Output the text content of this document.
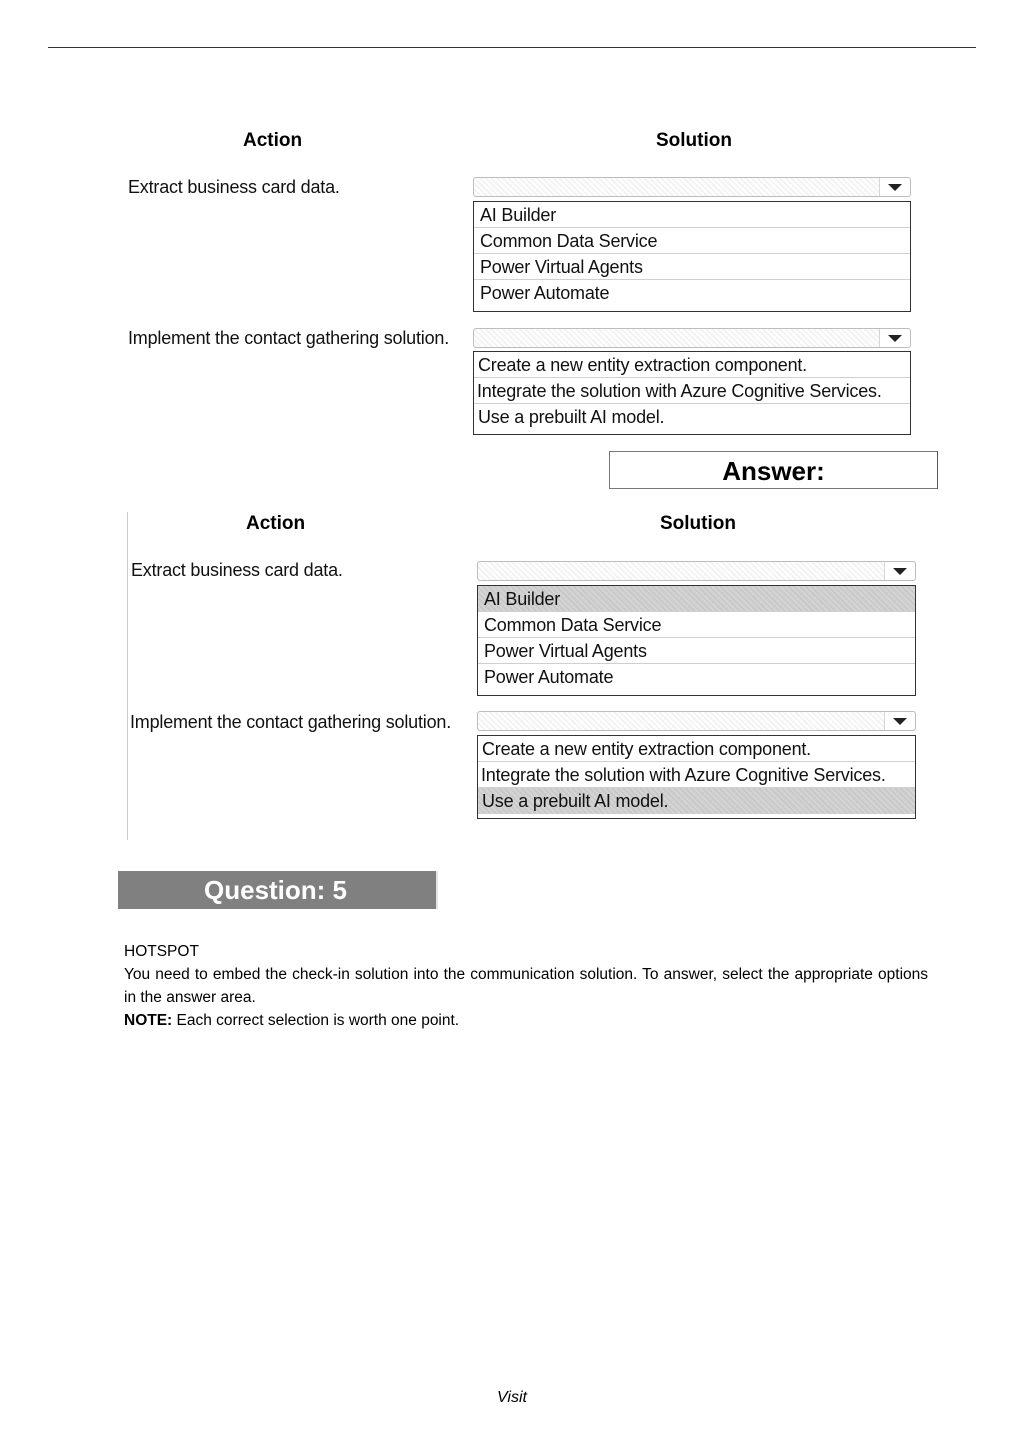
Action	Solution
Extract business card data.
AI Builder
Common Data Service
Power Virtual Agents
Power Automate
Implement the contact gathering solution.
Create a new entity extraction component.
Integrate the solution with Azure Cognitive Services.
Use a prebuilt AI model.
Answer:
Action	Solution
Extract business card data.
AI Builder
Common Data Service
Power Virtual Agents
Power Automate
Implement the contact gathering solution.
Create a new entity extraction component.
Integrate the solution with Azure Cognitive Services.
Use a prebuilt AI model.
Question: 5
HOTSPOT
You need to embed the check-in solution into the communication solution. To answer, select the appropriate options in the answer area.
NOTE: Each correct selection is worth one point.
Visit
